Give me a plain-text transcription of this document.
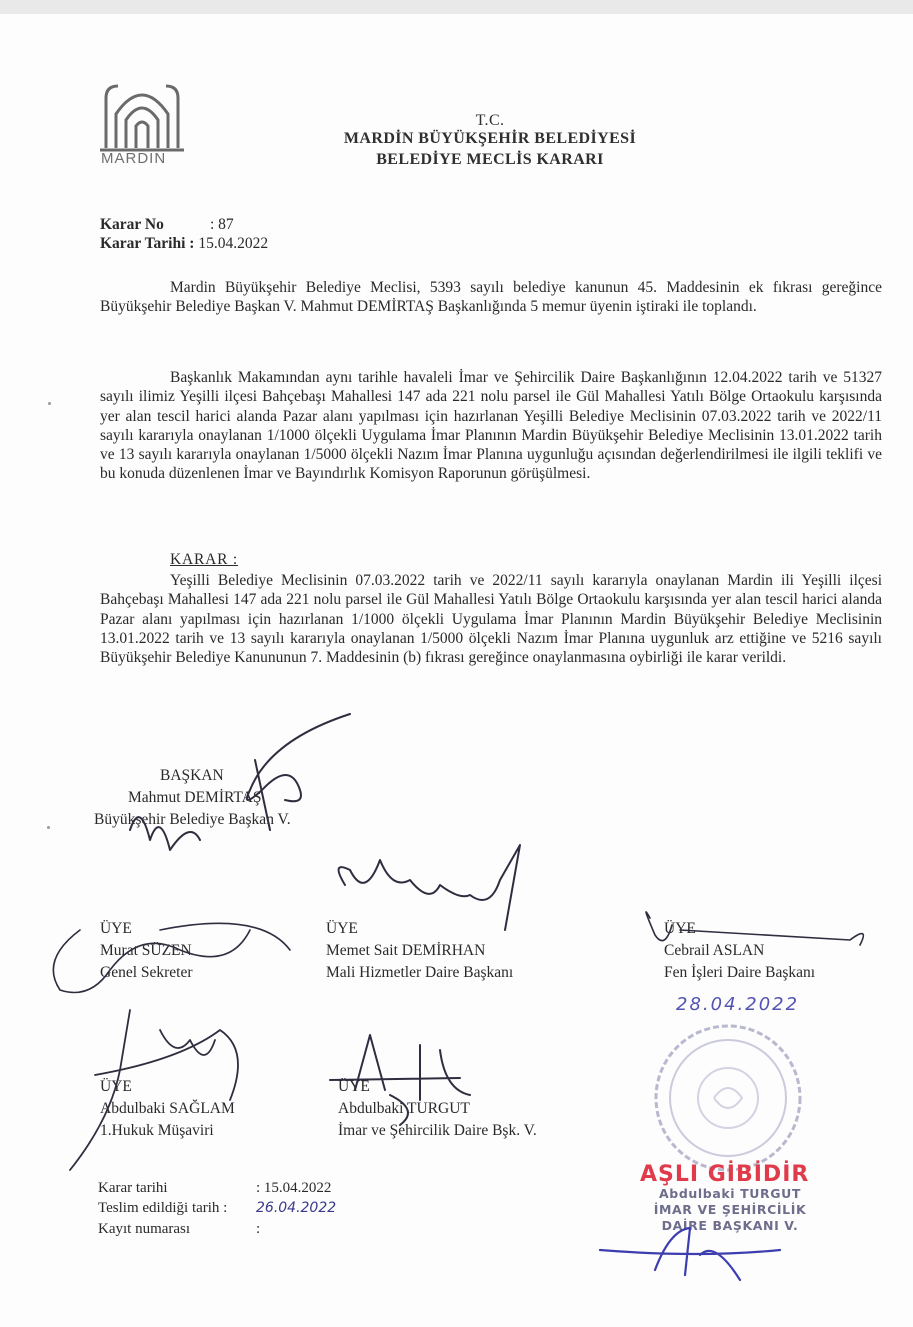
MARDİN
T.C.
MARDİN BÜYÜKŞEHİR BELEDİYESİ
BELEDİYE MECLİS KARARI
Karar No	: 87
Karar Tarihi : 15.04.2022
Mardin Büyükşehir Belediye Meclisi, 5393 sayılı belediye kanunun 45. Maddesinin ek fıkrası gereğince Büyükşehir Belediye Başkan V. Mahmut DEMİRTAŞ Başkanlığında 5 memur üyenin iştiraki ile toplandı.
Başkanlık Makamından aynı tarihle havaleli İmar ve Şehircilik Daire Başkanlığının 12.04.2022 tarih ve 51327 sayılı ilimiz Yeşilli ilçesi Bahçebaşı Mahallesi 147 ada 221 nolu parsel ile Gül Mahallesi Yatılı Bölge Ortaokulu karşısında yer alan tescil harici alanda Pazar alanı yapılması için hazırlanan Yeşilli Belediye Meclisinin 07.03.2022 tarih ve 2022/11 sayılı kararıyla onaylanan 1/1000 ölçekli Uygulama İmar Planının Mardin Büyükşehir Belediye Meclisinin 13.01.2022 tarih ve 13 sayılı kararıyla onaylanan 1/5000 ölçekli Nazım İmar Planına uygunluğu açısından değerlendirilmesi ile ilgili teklifi ve bu konuda düzenlenen İmar ve Bayındırlık Komisyon Raporunun görüşülmesi.
KARAR :
Yeşilli Belediye Meclisinin 07.03.2022 tarih ve 2022/11 sayılı kararıyla onaylanan Mardin ili Yeşilli ilçesi Bahçebaşı Mahallesi 147 ada 221 nolu parsel ile Gül Mahallesi Yatılı Bölge Ortaokulu karşısında yer alan tescil harici alanda Pazar alanı yapılması için hazırlanan 1/1000 ölçekli Uygulama İmar Planının Mardin Büyükşehir Belediye Meclisinin 13.01.2022 tarih ve 13 sayılı kararıyla onaylanan 1/5000 ölçekli Nazım İmar Planına uygunluk arz ettiğine ve 5216 sayılı Büyükşehir Belediye Kanununun 7. Maddesinin (b) fıkrası gereğince onaylanmasına oybirliği ile karar verildi.
BAŞKAN
Mahmut DEMİRTAŞ
Büyükşehir Belediye Başkan V.
ÜYE
Murat SÜZEN
Genel Sekreter
ÜYE
Memet Sait DEMİRHAN
Mali Hizmetler Daire Başkanı
ÜYE
Cebrail ASLAN
Fen İşleri Daire Başkanı
ÜYE
Abdulbaki SAĞLAM
1.Hukuk Müşaviri
ÜYE
Abdulbaki TURGUT
İmar ve Şehircilik Daire Bşk. V.
Karar tarihi	: 15.04.2022
Teslim edildiği tarih : 26.04.2022
Kayıt numarası	:
28.04.2022
AŞLI GİBİDİR
Abdulbaki TURGUT
İMAR VE ŞEHİRCİLİK
DAİRE BAŞKANI V.
